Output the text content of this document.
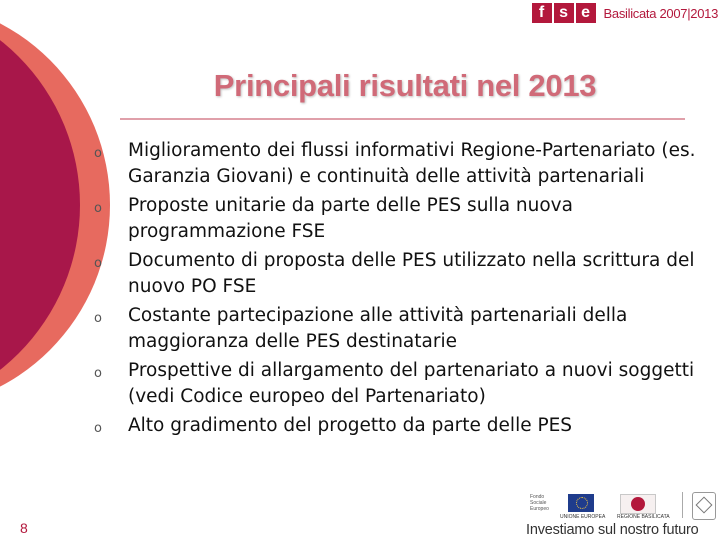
f s e	Basilicata 2007|2013
Principali risultati nel 2013
o	Miglioramento dei flussi informativi Regione-Partenariato (es. Garanzia Giovani) e continuità delle attività partenariali
o	Proposte unitarie da parte delle PES sulla nuova programmazione FSE
o	Documento di proposta delle PES utilizzato nella scrittura del nuovo PO FSE
o	Costante partecipazione alle attività partenariali della maggioranza delle PES destinatarie
o	Prospettive di allargamento del partenariato a nuovi soggetti (vedi Codice europeo del Partenariato)
o	Alto gradimento del progetto da parte delle PES
8
Fondo Sociale Europeo
UNIONE EUROPEA REGIONE BASILICATA
Investiamo sul nostro futuro
